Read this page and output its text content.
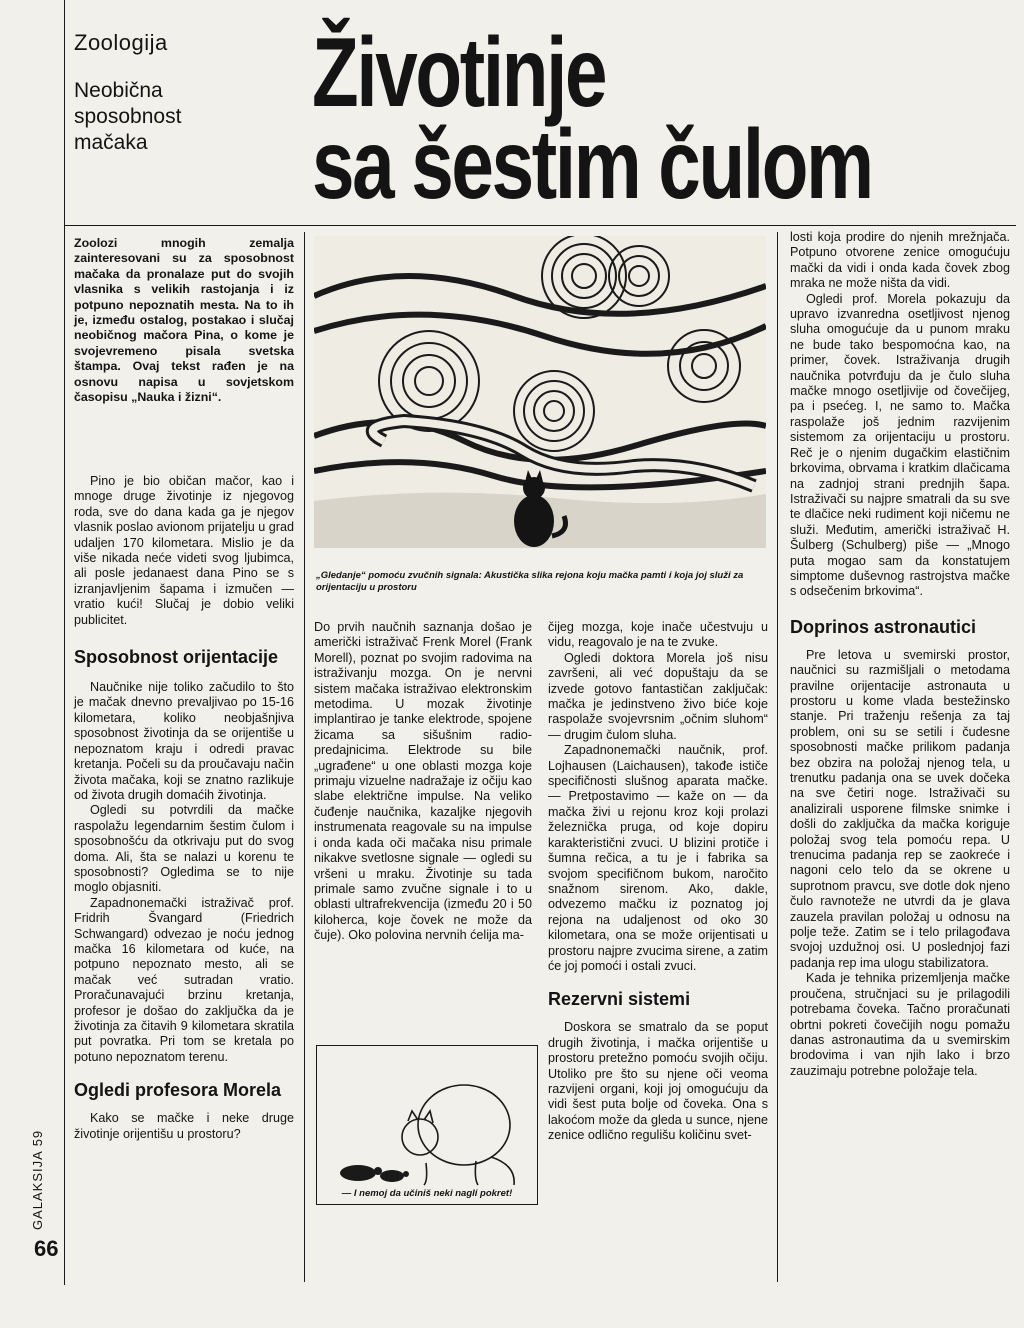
Zoologija
Neobična
sposobnost
mačaka
Životinje
sa šestim čulom
Zoolozi mnogih zemalja zainteresovani su za sposobnost mačaka da pronalaze put do svojih vlasnika s velikih rastojanja i iz potpuno nepoznatih mesta. Na to ih je, između ostalog, postakao i slučaj neobičnog mačora Pina, o kome je svojevremeno pisala svetska štampa. Ovaj tekst rađen je na osnovu napisa u sovjetskom časopisu „Nauka i žizni“.

Pino je bio običan mačor, kao i mnoge druge životinje iz njegovog roda, sve do dana kada ga je njegov vlasnik poslao avionom prijatelju u grad udaljen 170 kilometara. Mislio je da više nikada neće videti svog ljubimca, ali posle jedanaest dana Pino se s izranjavljenim šapama i izmučen — vratio kući! Slučaj je dobio veliki publicitet.

Sposobnost orijentacije

Naučnike nije toliko začudilo to što je mačak dnevno prevaljivao po 15-16 kilometara, koliko neobjašnjiva sposobnost životinja da se orijentiše u nepoznatom kraju i odredi pravac kretanja. Počeli su da proučavaju način života mačaka, koji se znatno razlikuje od života drugih domaćih životinja.

Ogledi su potvrdili da mačke raspolažu legendarnim šestim čulom i sposobnošću da otkrivaju put do svog doma. Ali, šta se nalazi u korenu te sposobnosti? Ogledima se to nije moglo objasniti.

Zapadnonemački istraživač prof. Fridrih Švangard (Friedrich Schwangard) odvezao je noću jednog mačka 16 kilometara od kuće, na potpuno nepoznato mesto, ali se mačak već sutradan vratio. Proračunavajući brzinu kretanja, profesor je došao do zaključka da je životinja za čitavih 9 kilometara skratila put povratka. Pri tom se kretala po potuno nepoznatom terenu.

Ogledi profesora Morela

Kako se mačke i neke druge životinje orijentišu u prostoru?

„Gledanje“ pomoću zvučnih signala: Akustička slika rejona koju mačka pamti i koja joj služi za orijentaciju u prostoru

Do prvih naučnih saznanja došao je američki istraživač Frenk Morel (Frank Morell), poznat po svojim radovima na istraživanju mozga. On je nervni sistem mačaka istraživao elektronskim metodima. U mozak životinje implantirao je tanke elektrode, spojene žicama sa sišušnim radio-predajnicima. Elektrode su bile „ugrađene“ u one oblasti mozga koje primaju vizuelne nadražaje iz očiju kao slabe električne impulse. Na veliko čuđenje naučnika, kazaljke njegovih instrumenata reagovale su na impulse i onda kada oči mačaka nisu primale nikakve svetlosne signale — ogledi su vršeni u mraku. Životinje su tada primale samo zvučne signale i to u oblasti ultrafrekvencija (između 20 i 50 kiloherca, koje čovek ne može da čuje). Oko polovina nervnih ćelija ma-

— I nemoj da učiniš neki nagli pokret!

čijeg mozga, koje inače učestvuju u vidu, reagovalo je na te zvuke.

Ogledi doktora Morela još nisu završeni, ali već dopuštaju da se izvede gotovo fantastičan zaključak: mačka je jedinstveno živo biće koje raspolaže svojevrsnim „očnim sluhom“ — drugim čulom sluha.

Zapadnonemački naučnik, prof. Lojhausen (Laichausen), takođe ističe specifičnosti slušnog aparata mačke. — Pretpostavimo — kaže on — da mačka živi u rejonu kroz koji prolazi železnička pruga, od koje dopiru karakteristični zvuci. U blizini protiče i šumna rečica, a tu je i fabrika sa svojom specifičnom bukom, naročito snažnom sirenom. Ako, dakle, odvezemo mačku iz poznatog joj rejona na udaljenost od oko 30 kilometara, ona se može orijentisati u prostoru najpre zvucima sirene, a zatim će joj pomoći i ostali zvuci.

Rezervni sistemi

Doskora se smatralo da se poput drugih životinja, i mačka orijentiše u prostoru pretežno pomoću svojih očiju. Utoliko pre što su njene oči veoma razvijeni organi, koji joj omogućuju da vidi šest puta bolje od čoveka. Ona s lakoćom može da gleda u sunce, njene zenice odlično regulišu količinu svet-

losti koja prodire do njenih mrežnjača. Potpuno otvorene zenice omogućuju mački da vidi i onda kada čovek zbog mraka ne može ništa da vidi.

Ogledi prof. Morela pokazuju da upravo izvanredna osetljivost njenog sluha omogućuje da u punom mraku ne bude tako bespomoćna kao, na primer, čovek. Istraživanja drugih naučnika potvrđuju da je čulo sluha mačke mnogo osetljivije od čovečijeg, pa i psećeg. I, ne samo to. Mačka raspolaže još jednim razvijenim sistemom za orijentaciju u prostoru. Reč je o njenim dugačkim elastičnim brkovima, obrvama i kratkim dlačicama na zadnjoj strani prednjih šapa. Istraživači su najpre smatrali da su sve te dlačice neki rudiment koji ničemu ne služi. Međutim, američki istraživač H. Šulberg (Schulberg) piše — „Mnogo puta mogao sam da konstatujem simptome duševnog rastrojstva mačke s odsečenim brkovima“.

Doprinos astronautici

Pre letova u svemirski prostor, naučnici su razmišljali o metodama pravilne orijentacije astronauta u prostoru u kome vlada bestežinsko stanje. Pri traženju rešenja za taj problem, oni su se setili i čudesne sposobnosti mačke prilikom padanja bez obzira na položaj njenog tela, u trenutku padanja ona se uvek dočeka na sve četiri noge. Istraživači su analizirali usporene filmske snimke i došli do zaključka da mačka koriguje položaj svog tela pomoću repa. U trenucima padanja rep se zaokreće i nagoni celo telo da se okrene u suprotnom pravcu, sve dotle dok njeno čulo ravnoteže ne utvrdi da je glava zauzela pravilan položaj u odnosu na polje teže. Zatim se i telo prilagođava svojoj uzdužnoj osi. U poslednjoj fazi padanja rep ima ulogu stabilizatora.

Kada je tehnika prizemljenja mačke proučena, stručnjaci su je prilagodili potrebama čoveka. Tačno proračunati obrtni pokreti čovečijih nogu pomažu danas astronautima da u svemirskim brodovima i van njih lako i brzo zauzimaju potrebne položaje tela.

GALAKSIJA 59
66
